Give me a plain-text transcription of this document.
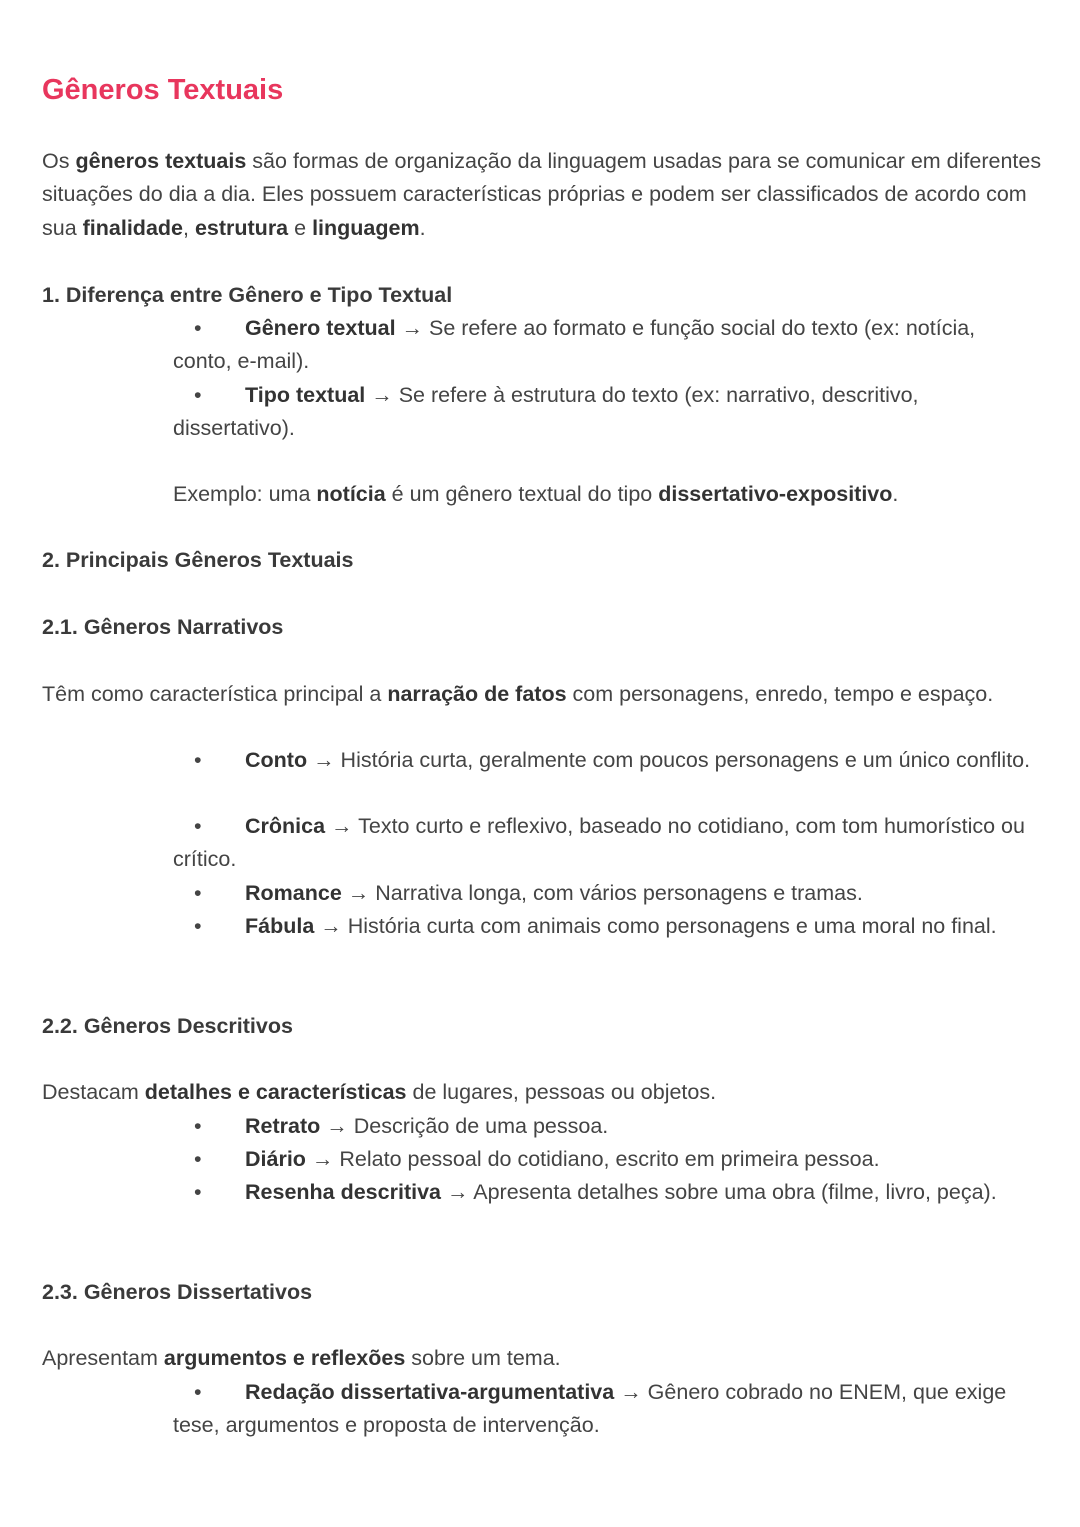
Gêneros Textuais

Os gêneros textuais são formas de organização da linguagem usadas para se comunicar em diferentes situações do dia a dia. Eles possuem características próprias e podem ser classificados de acordo com sua finalidade, estrutura e linguagem.

1. Diferença entre Gênero e Tipo Textual

•	Gênero textual → Se refere ao formato e função social do texto (ex: notícia, conto, e-mail).

•	Tipo textual → Se refere à estrutura do texto (ex: narrativo, descritivo, dissertativo).

Exemplo: uma notícia é um gênero textual do tipo dissertativo-expositivo.

2. Principais Gêneros Textuais

2.1. Gêneros Narrativos

Têm como característica principal a narração de fatos com personagens, enredo, tempo e espaço.

•	Conto → História curta, geralmente com poucos personagens e um único conflito.

•	Crônica → Texto curto e reflexivo, baseado no cotidiano, com tom humorístico ou crítico.

•	Romance → Narrativa longa, com vários personagens e tramas.

•	Fábula → História curta com animais como personagens e uma moral no final.

2.2. Gêneros Descritivos

Destacam detalhes e características de lugares, pessoas ou objetos.

•	Retrato → Descrição de uma pessoa.

•	Diário → Relato pessoal do cotidiano, escrito em primeira pessoa.

•	Resenha descritiva → Apresenta detalhes sobre uma obra (filme, livro, peça).

2.3. Gêneros Dissertativos

Apresentam argumentos e reflexões sobre um tema.

•	Redação dissertativa-argumentativa → Gênero cobrado no ENEM, que exige tese, argumentos e proposta de intervenção.
